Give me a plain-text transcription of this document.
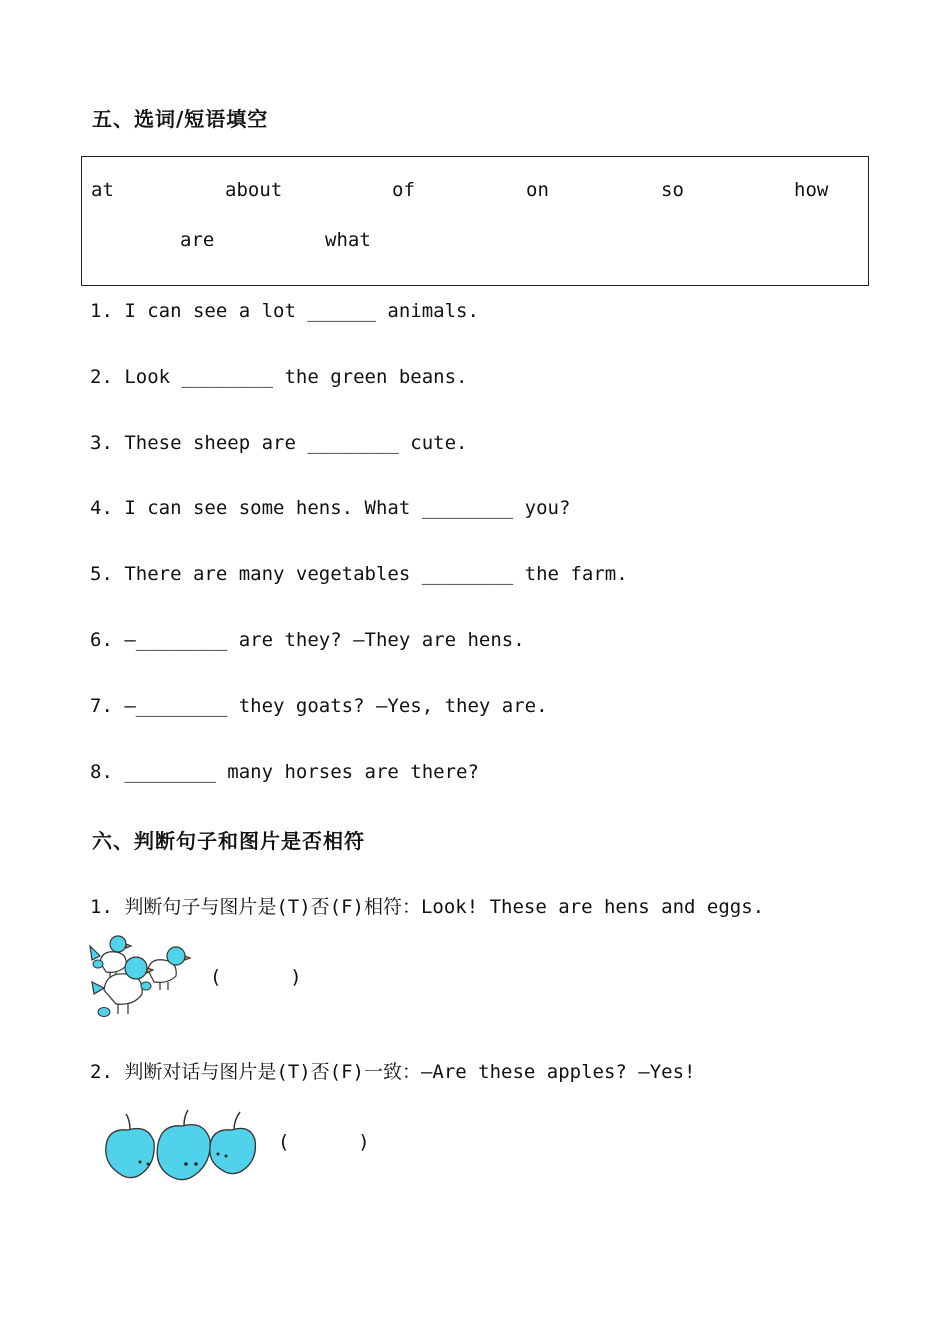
五、选词/短语填空
at	about	of	on	so	how
are	what
1. I can see a lot ______ animals.
2. Look ________ the green beans.
3. These sheep are ________ cute.
4. I can see some hens. What ________ you?
5. There are many vegetables ________ the farm.
6. —________ are they? —They are hens.
7. —________ they goats? —Yes, they are.
8. ________ many horses are there?
六、判断句子和图片是否相符
1. 判断句子与图片是(T)否(F)相符：Look! These are hens and eggs.
(      )
2. 判断对话与图片是(T)否(F)一致：—Are these apples? —Yes!
(      )
